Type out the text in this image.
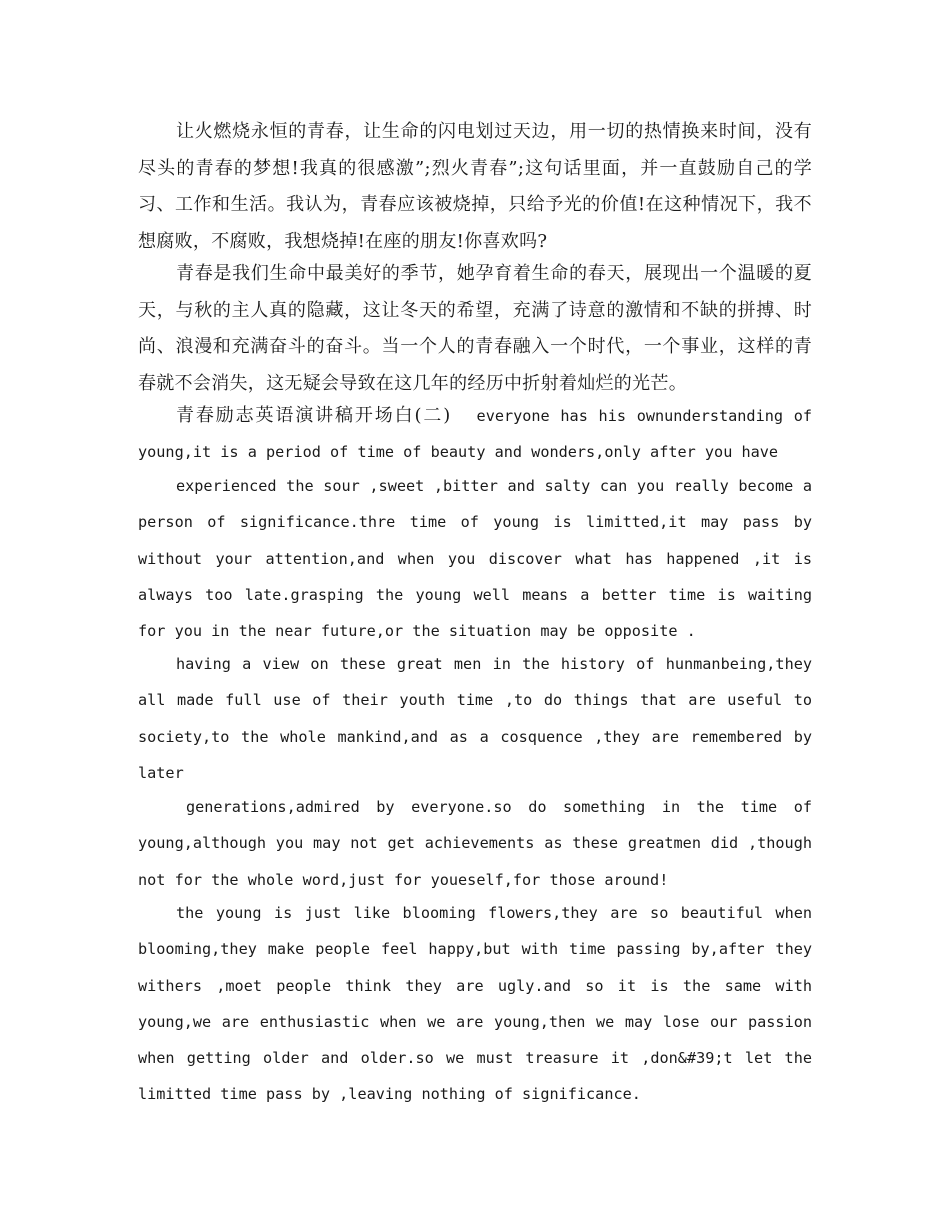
让火燃烧永恒的青春，让生命的闪电划过天边，用一切的热情换来时间，没有尽头的青春的梦想!我真的很感激”;烈火青春”;这句话里面，并一直鼓励自己的学习、工作和生活。我认为，青春应该被烧掉，只给予光的价值!在这种情况下，我不想腐败，不腐败，我想烧掉!在座的朋友!你喜欢吗?

青春是我们生命中最美好的季节，她孕育着生命的春天，展现出一个温暖的夏天，与秋的主人真的隐藏，这让冬天的希望，充满了诗意的激情和不缺的拼搏、时尚、浪漫和充满奋斗的奋斗。当一个人的青春融入一个时代，一个事业，这样的青春就不会消失，这无疑会导致在这几年的经历中折射着灿烂的光芒。

青春励志英语演讲稿开场白(二) everyone has his ownunderstanding of young,it is a period of time of beauty and wonders,only after you have

experienced the sour ,sweet ,bitter and salty can you really become a person of significance.thre time of young is limitted,it may pass by without your attention,and when you discover what has happened ,it is always too late.grasping the young well means a better time is waiting for you in the near future,or the situation may be opposite .

having a view on these great men in the history of hunmanbeing,they all made full use of their youth time ,to do things that are useful to society,to the whole mankind,and as a cosquence ,they are remembered by later

generations,admired by everyone.so do something in the time of young,although you may not get achievements as these greatmen did ,though not for the whole word,just for youeself,for those around!

the young is just like blooming flowers,they are so beautiful when blooming,they make people feel happy,but with time passing by,after they withers ,moet people think they are ugly.and so it is the same with young,we are enthusiastic when we are young,then we may lose our passion when getting older and older.so we must treasure it ,don&#39;t let the limitted time pass by ,leaving nothing of significance.
